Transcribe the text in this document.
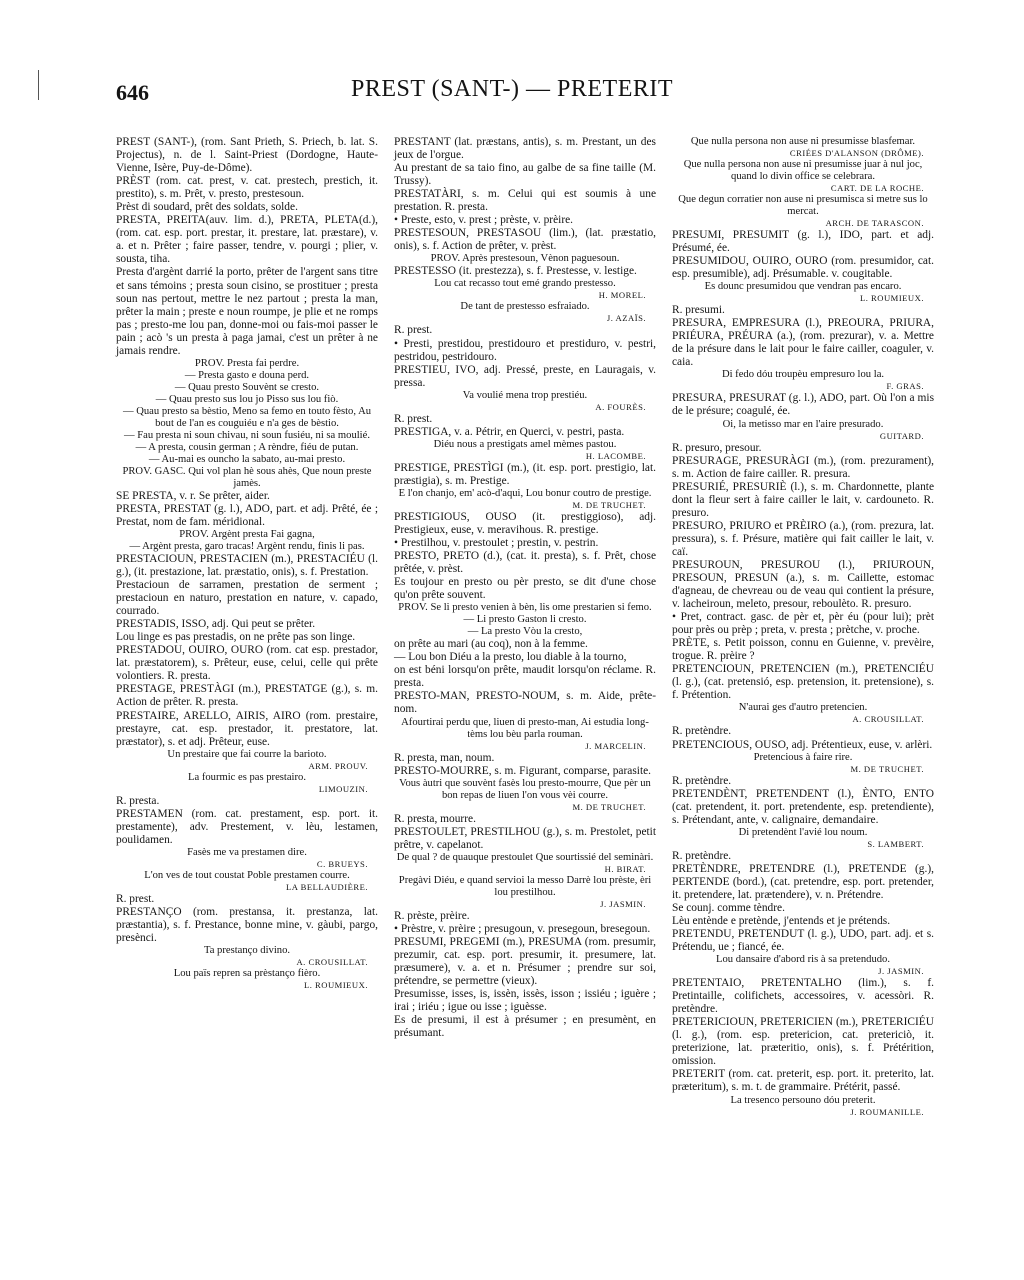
646	PREST (SANT-) — PRETERIT

PREST (SANT-), (rom. Sant Prieth, S. Priech, b. lat. S. Projectus), n. de l. Saint-Priest (Dordogne, Haute-Vienne, Isère, Puy-de-Dôme).

PRÈST (rom. cat. prest, v. cat. prestech, prestich, it. prestito), s. m. Prêt, v. presto, prestesoun.

Prèst di soudard, prêt des soldats, solde.

PRESTA, PREITA(auv. lim. d.), PRETA, PLETA(d.), (rom. cat. esp. port. prestar, it. prestare, lat. præstare), v. a. et n. Prêter ; faire passer, tendre, v. pourgi ; plier, v. sousta, tiha.

Presta d'argènt darrié la porto, prêter de l'argent sans titre et sans témoins ; presta soun cisino, se prostituer ; presta soun nas pertout, mettre le nez partout ; presta la man, prêter la main ; preste e noun roumpe, je plie et ne romps pas ; presto-me lou pan, donne-moi ou fais-moi passer le pain ; acò 's un presta à paga jamai, c'est un prêter à ne jamais rendre.

PROV. Presta fai perdre.

— Presta gasto e douna perd.

— Quau presto Souvènt se cresto.

— Quau presto sus lou jo Pisso sus lou fiò.

— Quau presto sa bèstio, Meno sa femo en touto fèsto, Au bout de l'an es couguiéu e n'a ges de bèstio.

— Fau presta ni soun chivau, ni soun fusiéu, ni sa moulié.

— A presta, cousin german ; A rèndre, fiéu de putan.

— Au-mai es ouncho la sabato, au-mai presto.

PROV. GASC. Qui vol plan hè sous ahès, Que noun preste jamès.

SE PRESTA, v. r. Se prêter, aider.

PRESTA, PRESTAT (g. l.), ADO, part. et adj. Prêté, ée ; Prestat, nom de fam. méridional.

PROV. Argènt presta Fai gagna,

— Argènt presta, garo tracas! Argènt rendu, finis li pas.

PRESTACIOUN, PRESTACIEN (m.), PRESTACIÉU (l. g.), (it. prestazione, lat. præstatio, onis), s. f. Prestation.

Prestacioun de sarramen, prestation de serment ; prestacioun en naturo, prestation en nature, v. capado, courrado.

PRESTADIS, ISSO, adj. Qui peut se prêter.

Lou linge es pas prestadis, on ne prête pas son linge.

PRESTADOU, OUIRO, OURO (rom. cat esp. prestador, lat. præstatorem), s. Prêteur, euse, celui, celle qui prête volontiers. R. presta.

PRESTAGE, PRESTÀGI (m.), PRESTATGE (g.), s. m. Action de prêter. R. presta.

PRESTAIRE, ARELLO, AIRIS, AIRO (rom. prestaire, prestayre, cat. esp. prestador, it. prestatore, lat. præstator), s. et adj. Prêteur, euse.

Un prestaire que fai courre la barioto.

ARM. PROUV.

La fourmic es pas prestairo.

LIMOUZIN.

R. presta.

PRESTAMEN (rom. cat. prestament, esp. port. it. prestamente), adv. Prestement, v. lèu, lestamen, poulidamen.

Fasès me va prestamen dire.

C. BRUEYS.

L'on ves de tout coustat Poble prestamen courre.

LA BELLAUDIÈRE.

R. prest.

PRESTANÇO (rom. prestansa, it. prestanza, lat. præstantia), s. f. Prestance, bonne mine, v. gàubi, pargo, presènci.

Ta prestanço divino.

A. CROUSILLAT.

Lou païs repren sa prèstanço fièro.

L. ROUMIEUX.

PRESTANT (lat. præstans, antis), s. m. Prestant, un des jeux de l'orgue.

Au prestant de sa taio fino, au galbe de sa fine taille (M. Trussy).

PRESTATÀRI, s. m. Celui qui est soumis à une prestation. R. presta.

• Preste, esto, v. prest ; prèste, v. prèire.

PRESTESOUN, PRESTASOU (lim.), (lat. præstatio, onis), s. f. Action de prêter, v. prèst.

PROV. Après prestesoun, Vènon paguesoun.

PRESTESSO (it. prestezza), s. f. Prestesse, v. lestige.

Lou cat recasso tout emé grando prestesso.

H. MOREL.

De tant de prestesso esfraiado.

J. AZAÏS.

R. prest.

• Presti, prestidou, prestidouro et prestiduro, v. pestri, pestridou, pestridouro.

PRESTIEU, IVO, adj. Pressé, preste, en Lauragais, v. pressa.

Va voulié mena trop prestiéu.

A. FOURÈS.

R. prest.

PRESTIGA, v. a. Pétrir, en Querci, v. pestri, pasta.

Diéu nous a prestigats amel mèmes pastou.

H. LACOMBE.

PRESTIGE, PRESTÌGI (m.), (it. esp. port. prestigio, lat. præstigia), s. m. Prestige.

E l'on chanjo, em' acò-d'aqui, Lou bonur coutro de prestige.

M. DE TRUCHET.

PRESTIGIOUS, OUSO (it. prestiggioso), adj. Prestigieux, euse, v. meravihous. R. prestige.

• Prestilhou, v. prestoulet ; prestin, v. pestrin.

PRESTO, PRETO (d.), (cat. it. presta), s. f. Prêt, chose prêtée, v. prèst.

Es toujour en presto ou pèr presto, se dit d'une chose qu'on prête souvent.

PROV. Se li presto venien à bèn, lis ome prestarien si femo.

— Li presto Gaston li cresto.

— La presto Vòu la cresto,

on prête au mari (au coq), non à la femme.

— Lou bon Diéu a la presto, lou diable à la tourno,

on est béni lorsqu'on prête, maudit lorsqu'on réclame. R. presta.

PRESTO-MAN, PRESTO-NOUM, s. m. Aide, prête-nom.

Afourtirai perdu que, liuen di presto-man, Ai estudia long-tèms lou bèu parla rouman.

J. MARCELIN.

R. presta, man, noum.

PRESTO-MOURRE, s. m. Figurant, comparse, parasite.

Vous àutri que souvènt fasès lou presto-mourre, Que pèr un bon repas de liuen l'on vous vèi courre.

M. DE TRUCHET.

R. presta, mourre.

PRESTOULET, PRESTILHOU (g.), s. m. Prestolet, petit prêtre, v. capelanot.

De qual ? de quauque prestoulet Que sourtissié del seminàri.

H. BIRAT.

Pregàvi Diéu, e quand servioi la messo Darrè lou prèste, èri lou prestilhou.

J. JASMIN.

R. prèste, prèire.

• Prèstre, v. prèire ; presugoun, v. presegoun, bresegoun.

PRESUMI, PREGEMI (m.), PRESUMA (rom. presumir, prezumir, cat. esp. port. presumir, it. presumere, lat. præsumere), v. a. et n. Présumer ; prendre sur soi, prétendre, se permettre (vieux).

Presumisse, isses, is, issèn, issès, isson ; issiéu ; iguère ; irai ; iriéu ; igue ou isse ; iguèsse.

Es de presumi, il est à présumer ; en presumènt, en présumant.

Que nulla persona non ause ni presumisse blasfemar.

CRIÉES D'ALANSON (DRÔME).

Que nulla persona non ause ni presumisse juar à nul joc, quand lo divin office se celebrara.

CART. DE LA ROCHE.

Que degun corratier non ause ni presumisca si metre sus lo mercat.

ARCH. DE TARASCON.

PRESUMI, PRESUMIT (g. l.), IDO, part. et adj. Présumé, ée.

PRESUMIDOU, OUIRO, OURO (rom. presumidor, cat. esp. presumible), adj. Présumable. v. cougitable.

Es dounc presumidou que vendran pas encaro.

L. ROUMIEUX.

R. presumi.

PRESURA, EMPRESURA (l.), PREOURA, PRIURA, PRIÉURA, PRÉURA (a.), (rom. prezurar), v. a. Mettre de la présure dans le lait pour le faire cailler, coaguler, v. caia.

Di fedo dóu troupèu empresuro lou la.

F. GRAS.

PRESURA, PRESURAT (g. l.), ADO, part. Où l'on a mis de le présure; coagulé, ée.

Oi, la metisso mar en l'aire presurado.

GUITARD.

R. presuro, presour.

PRESURAGE, PRESURÀGI (m.), (rom. prezurament), s. m. Action de faire cailler. R. presura.

PRESURIÉ, PRESURIÈ (l.), s. m. Chardonnette, plante dont la fleur sert à faire cailler le lait, v. cardouneto. R. presuro.

PRESURO, PRIURO et PRÈIRO (a.), (rom. prezura, lat. pressura), s. f. Présure, matière qui fait cailler le lait, v. caï.

PRESUROUN, PRESUROU (l.), PRIUROUN, PRESOUN, PRESUN (a.), s. m. Caillette, estomac d'agneau, de chevreau ou de veau qui contient la présure, v. lacheiroun, meleto, presour, reboulèto. R. presuro.

• Pret, contract. gasc. de pèr et, pèr éu (pour lui); prèt pour près ou prèp ; preta, v. presta ; prètche, v. proche.

PRÈTE, s. Petit poisson, connu en Guienne, v. prevèire, trogue. R. prèire ?

PRETENCIOUN, PRETENCIEN (m.), PRETENCIÉU (l. g.), (cat. pretensió, esp. pretension, it. pretensione), s. f. Prétention.

N'aurai ges d'autro pretencien.

A. CROUSILLAT.

R. pretèndre.

PRETENCIOUS, OUSO, adj. Prétentieux, euse, v. arlèri.

Pretencious à faire rire.

M. DE TRUCHET.

R. pretèndre.

PRETENDÈNT, PRETENDENT (l.), ÈNTO, ENTO (cat. pretendent, it. port. pretendente, esp. pretendiente), s. Prétendant, ante, v. calignaire, demandaire.

Di pretendènt l'avié lou noum.

S. LAMBERT.

R. pretèndre.

PRETÈNDRE, PRETENDRE (l.), PRETENDE (g.), PERTENDE (bord.), (cat. pretendre, esp. port. pretender, it. pretendere, lat. prætendere), v. n. Prétendre.

Se counj. comme tèndre.

Lèu entènde e pretènde, j'entends et je prétends.

PRETENDU, PRETENDUT (l. g.), UDO, part. adj. et s. Prétendu, ue ; fiancé, ée.

Lou dansaire d'abord ris à sa pretendudo.

J. JASMIN.

PRETENTAIO, PRETENTALHO (lim.), s. f. Pretintaille, colifichets, accessoires, v. acessòri. R. pretèndre.

PRETERICIOUN, PRETERICIEN (m.), PRETERICIÉU (l. g.), (rom. esp. pretericion, cat. pretericiò, it. preterizione, lat. præteritio, onis), s. f. Prétérition, omission.

PRETERIT (rom. cat. preterit, esp. port. it. preterito, lat. præteritum), s. m. t. de grammaire. Prétérit, passé.

La tresenco persouno dóu preterit.

J. ROUMANILLE.
